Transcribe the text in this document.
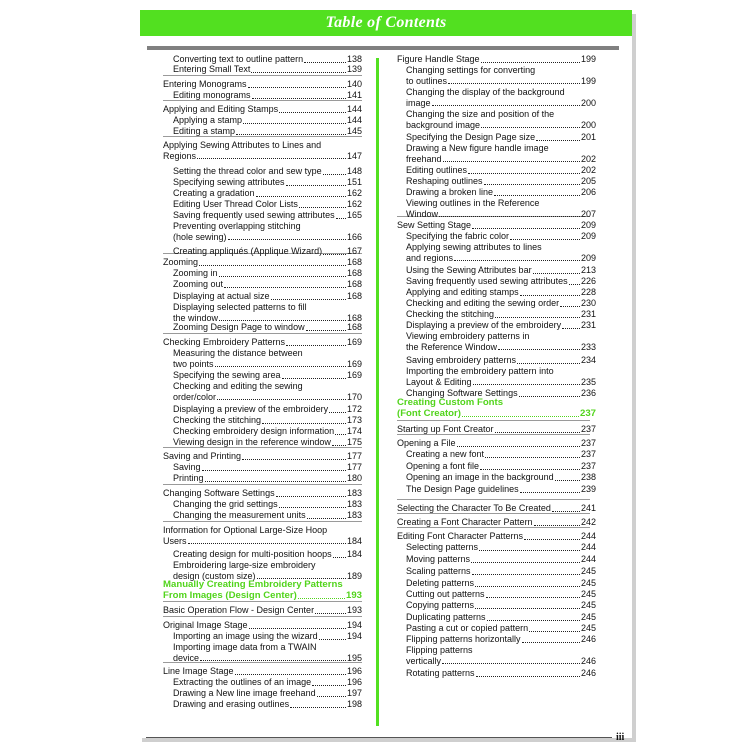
Table of Contents
Converting text to outline pattern	138
Entering Small Text	139
Entering Monograms	140
Editing monograms	141
Applying and Editing Stamps	144
Applying a stamp	144
Editing a stamp	145
Applying Sewing Attributes to Lines and
Regions	147
Setting the thread color and sew type	148
Specifying sewing attributes	151
Creating a gradation	162
Editing User Thread Color Lists	162
Saving frequently used sewing attributes 165
Preventing overlapping stitching
(hole sewing)	166
Creating appliqués (Applique Wizard)	167
Zooming	168
Zooming in	168
Zooming out	168
Displaying at actual size	168
Displaying selected patterns to fill
the window	168
Zooming Design Page to window	168
Checking Embroidery Patterns	169
Measuring the distance between
two points	169
Specifying the sewing area	169
Checking and editing the sewing
order/color	170
Displaying a preview of the embroidery 172
Checking the stitching	173
Checking embroidery design information 174
Viewing design in the reference window 175
Saving and Printing	177
Saving	177
Printing	180
Changing Software Settings	183
Changing the grid settings	183
Changing the measurement units	183
Information for Optional Large-Size Hoop
Users	184
Creating design for multi-position hoops 184
Embroidering large-size embroidery
design (custom size)	189
Manually Creating Embroidery Patterns
From Images (Design Center)	193
Basic Operation Flow - Design Center	193
Original Image Stage	194
Importing an image using the wizard	194
Importing image data from a TWAIN
device	195
Line Image Stage	196
Extracting the outlines of an image	196
Drawing a New line image freehand	197
Drawing and erasing outlines	198
Figure Handle Stage	199
Changing settings for converting
to outlines	199
Changing the display of the background
image	200
Changing the size and position of the
background image	200
Specifying the Design Page size	201
Drawing a New figure handle image
freehand	202
Editing outlines	202
Reshaping outlines	205
Drawing a broken line	206
Viewing outlines in the Reference
Window	207
Sew Setting Stage	209
Specifying the fabric color	209
Applying sewing attributes to lines
and regions	209
Using the Sewing Attributes bar	213
Saving frequently used sewing attributes 226
Applying and editing stamps	228
Checking and editing the sewing order 230
Checking the stitching	231
Displaying a preview of the embroidery 231
Viewing embroidery patterns in
the Reference Window	233
Saving embroidery patterns	234
Importing the embroidery pattern into
Layout & Editing	235
Changing Software Settings	236
Creating Custom Fonts
(Font Creator)	237
Starting up Font Creator	237
Opening a File	237
Creating a new font	237
Opening a font file	237
Opening an image in the background	238
The Design Page guidelines	239
Selecting the Character To Be Created	241
Creating a Font Character Pattern	242
Editing Font Character Patterns	244
Selecting patterns	244
Moving patterns	244
Scaling patterns	245
Deleting patterns	245
Cutting out patterns	245
Copying patterns	245
Duplicating patterns	245
Pasting a cut or copied pattern	245
Flipping patterns horizontally	246
Flipping patterns
vertically	246
Rotating patterns	246
iii
